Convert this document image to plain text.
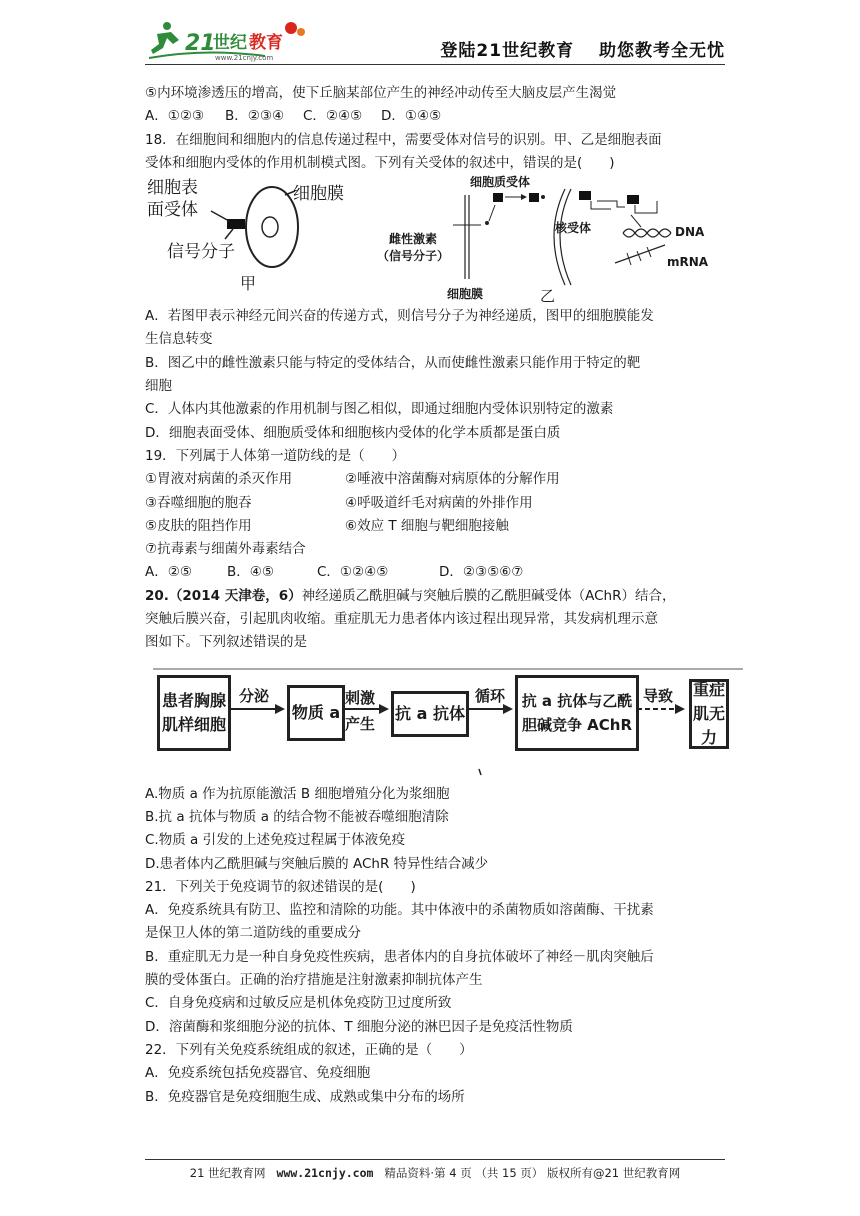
21
世纪 教育
www.21cnjy.com	登陆21世纪教育　 助您教考全无忧
⑤内环境渗透压的增高，使下丘脑某部位产生的神经冲动传至大脑皮层产生渴觉
A．①②③	B．②③④	C．②④⑤	D．①④⑤
18．在细胞间和细胞内的信息传递过程中，需要受体对信号的识别。甲、乙是细胞表面
受体和细胞内受体的作用机制模式图。下列有关受体的叙述中，错误的是(　　)
细胞表
面受体
细胞膜
信号分子
甲
细胞质受体
核受体
雌性激素
（信号分子）
细胞膜
DNA
mRNA
乙
A．若图甲表示神经元间兴奋的传递方式，则信号分子为神经递质，图甲的细胞膜能发
生信息转变
B．图乙中的雌性激素只能与特定的受体结合，从而使雌性激素只能作用于特定的靶
细胞
C．人体内其他激素的作用机制与图乙相似，即通过细胞内受体识别特定的激素
D．细胞表面受体、细胞质受体和细胞核内受体的化学本质都是蛋白质
19．下列属于人体第一道防线的是（　　）
①胃液对病菌的杀灭作用	②唾液中溶菌酶对病原体的分解作用
③吞噬细胞的胞吞	④呼吸道纤毛对病菌的外排作用
⑤皮肤的阻挡作用	⑥效应 T 细胞与靶细胞接触
⑦抗毒素与细菌外毒素结合
A．②⑤	B．④⑤	C．①②④⑤	D．②③⑤⑥⑦
20.（2014 天津卷，6）神经递质乙酰胆碱与突触后膜的乙酰胆碱受体（AChR）结合，
突触后膜兴奋，引起肌肉收缩。重症肌无力患者体内该过程出现异常，其发病机理示意
图如下。下列叙述错误的是
患者胸腺
肌样细胞
分泌
物质 a
刺激
产生
抗 a 抗体
循环 抗 a 抗体与乙酰
胆碱竞争 AChR
导致 重症
肌无力
A.物质 a 作为抗原能激活 B 细胞增殖分化为浆细胞
B.抗 a 抗体与物质 a 的结合物不能被吞噬细胞清除
C.物质 a 引发的上述免疫过程属于体液免疫
D.患者体内乙酰胆碱与突触后膜的 AChR 特异性结合减少
21．下列关于免疫调节的叙述错误的是(　　)
A．免疫系统具有防卫、监控和清除的功能。其中体液中的杀菌物质如溶菌酶、干扰素
是保卫人体的第二道防线的重要成分
B．重症肌无力是一种自身免疫性疾病，患者体内的自身抗体破坏了神经－肌肉突触后
膜的受体蛋白。正确的治疗措施是注射激素抑制抗体产生
C．自身免疫病和过敏反应是机体免疫防卫过度所致
D．溶菌酶和浆细胞分泌的抗体、T 细胞分泌的淋巴因子是免疫活性物质
22．下列有关免疫系统组成的叙述，正确的是（　　）
A．免疫系统包括免疫器官、免疫细胞
B．免疫器官是免疫细胞生成、成熟或集中分布的场所
21 世纪教育网 www.21cnjy.com 精品资料·第 4 页 （共 15 页） 版权所有@21 世纪教育网
